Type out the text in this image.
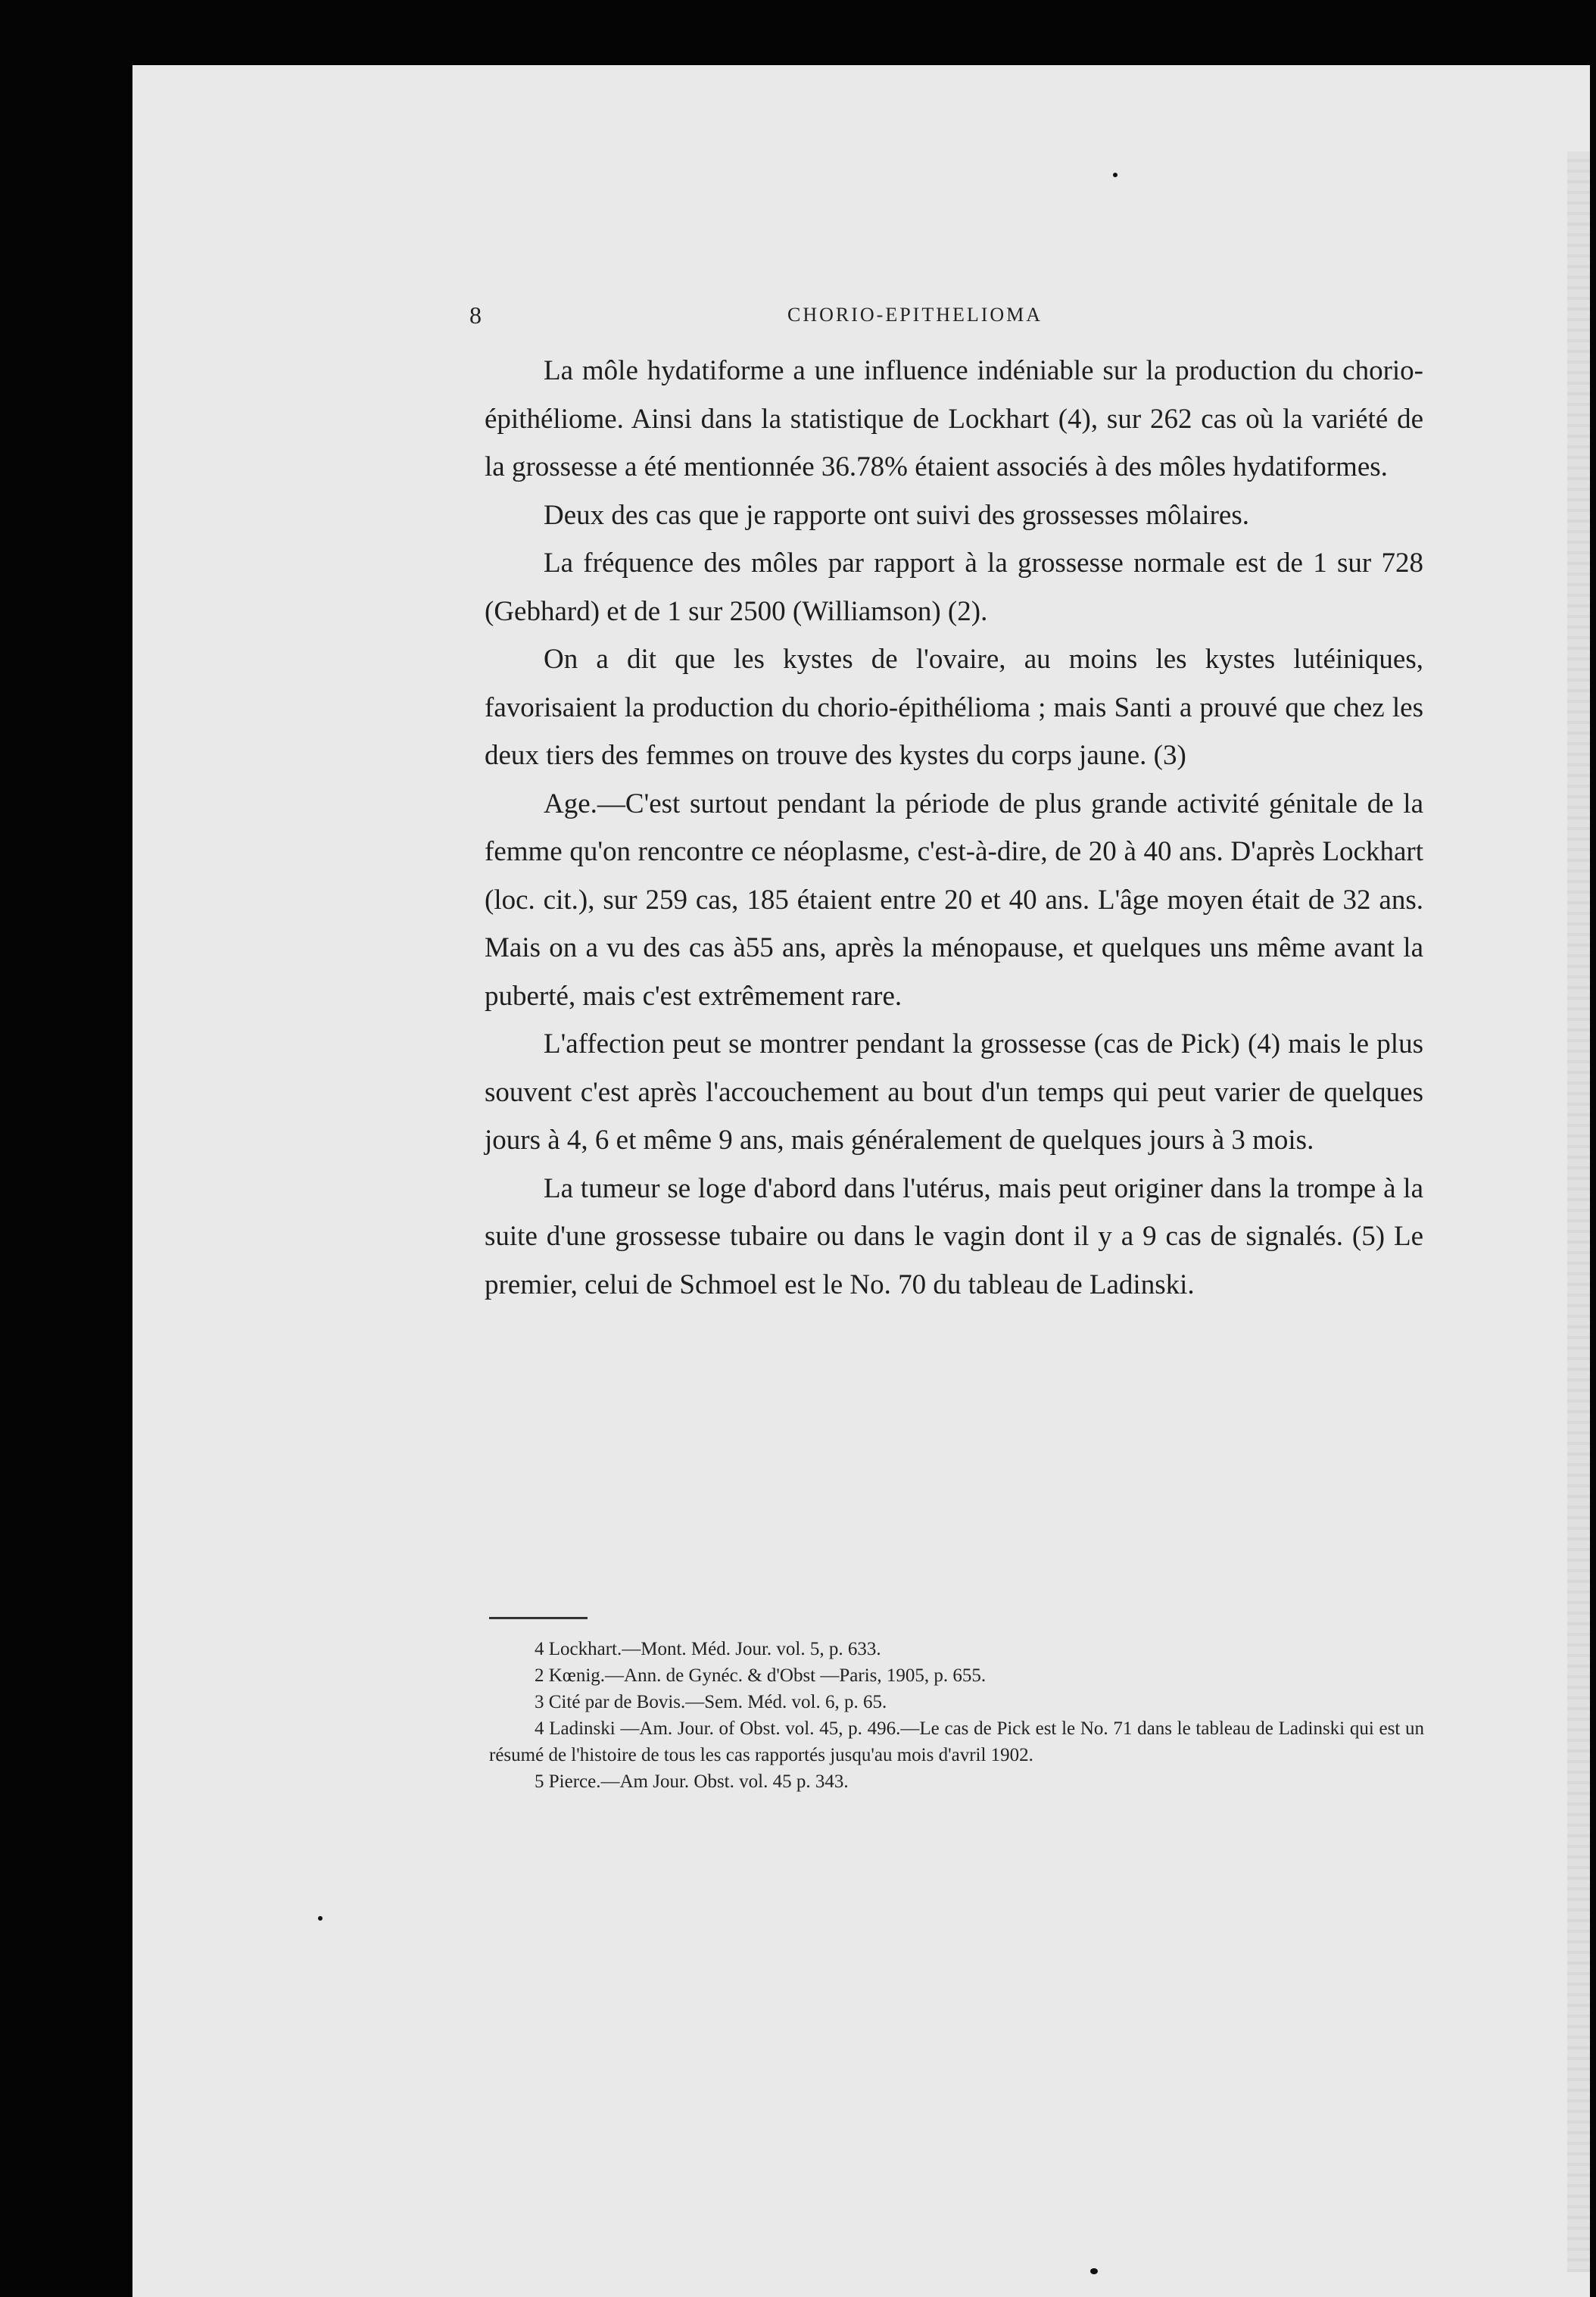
8	CHORIO-EPITHELIOMA

La môle hydatiforme a une influence indéniable sur la production du chorio-épithéliome. Ainsi dans la statistique de Lockhart (4), sur 262 cas où la variété de la grossesse a été mentionnée 36.78% étaient associés à des môles hydatiformes.

Deux des cas que je rapporte ont suivi des grossesses môlaires.

La fréquence des môles par rapport à la grossesse normale est de 1 sur 728 (Gebhard) et de 1 sur 2500 (Williamson) (2).

On a dit que les kystes de l'ovaire, au moins les kystes lutéiniques, favorisaient la production du chorio-épithélioma ; mais Santi a prouvé que chez les deux tiers des femmes on trouve des kystes du corps jaune. (3)

Age.—C'est surtout pendant la période de plus grande activité génitale de la femme qu'on rencontre ce néoplasme, c'est-à-dire, de 20 à 40 ans. D'après Lockhart (loc. cit.), sur 259 cas, 185 étaient entre 20 et 40 ans. L'âge moyen était de 32 ans. Mais on a vu des cas à55 ans, après la ménopause, et quelques uns même avant la puberté, mais c'est extrêmement rare.

L'affection peut se montrer pendant la grossesse (cas de Pick) (4) mais le plus souvent c'est après l'accouchement au bout d'un temps qui peut varier de quelques jours à 4, 6 et même 9 ans, mais généralement de quelques jours à 3 mois.

La tumeur se loge d'abord dans l'utérus, mais peut originer dans la trompe à la suite d'une grossesse tubaire ou dans le vagin dont il y a 9 cas de signalés. (5) Le premier, celui de Schmoel est le No. 70 du tableau de Ladinski.

4 Lockhart.—Mont. Méd. Jour. vol. 5, p. 633.

2 Kœnig.—Ann. de Gynéc. & d'Obst —Paris, 1905, p. 655.

3 Cité par de Bovis.—Sem. Méd. vol. 6, p. 65.

4 Ladinski —Am. Jour. of Obst. vol. 45, p. 496.—Le cas de Pick est le No. 71 dans le tableau de Ladinski qui est un résumé de l'histoire de tous les cas rapportés jusqu'au mois d'avril 1902.

5 Pierce.—Am Jour. Obst. vol. 45 p. 343.
